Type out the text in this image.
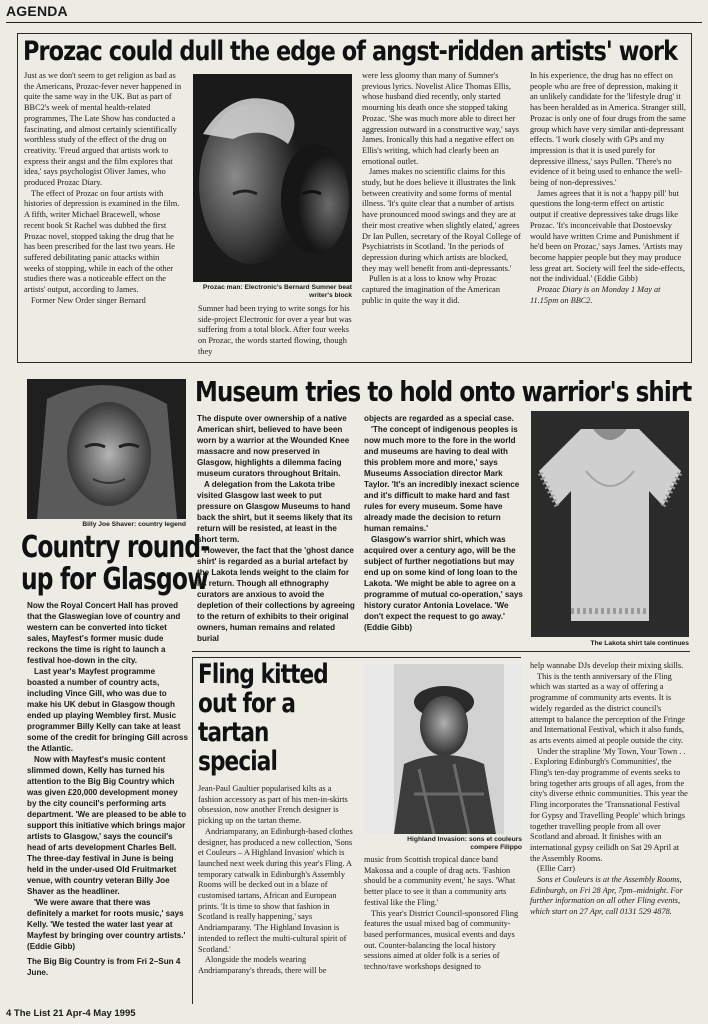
AGENDA
Prozac could dull the edge of angst-ridden artists' work

Just as we don't seem to get religion as bad as the Americans, Prozac-fever never happened in quite the same way in the UK. But as part of BBC2's week of mental health-related programmes, The Late Show has conducted a fascinating, and almost certainly scientifically worthless study of the effect of the drug on creativity. 'Freud argued that artists work to express their angst and the film explores that idea,' says psychologist Oliver James, who produced Prozac Diary.

The effect of Prozac on four artists with histories of depression is examined in the film. A fifth, writer Michael Bracewell, whose recent book St Rachel was dubbed the first Prozac novel, stopped taking the drug that he has been prescribed for the last two years. He suffered debilitating panic attacks within weeks of stopping, while in each of the other studies there was a noticeable effect on the artists' output, according to James.

Former New Order singer Bernard

Prozac man: Electronic's Bernard Sumner beat writer's block

Sumner had been trying to write songs for his side-project Electronic for over a year but was suffering from a total block. After four weeks on Prozac, the words started flowing, though they

were less gloomy than many of Sumner's previous lyrics. Novelist Alice Thomas Ellis, whose husband died recently, only started mourning his death once she stopped taking Prozac. 'She was much more able to direct her aggression outward in a constructive way,' says James. Ironically this had a negative effect on Ellis's writing, which had clearly been an emotional outlet.

James makes no scientific claims for this study, but he does believe it illustrates the link between creativity and some forms of mental illness. 'It's quite clear that a number of artists have pronounced mood swings and they are at their most creative when slightly elated,' agrees Dr Ian Pullen, secretary of the Royal College of Psychiatrists in Scotland. 'In the periods of depression during which artists are blocked, they may well benefit from anti-depressants.'

Pullen is at a loss to know why Prozac captured the imagination of the American public in quite the way it did.

In his experience, the drug has no effect on people who are free of depression, making it an unlikely candidate for the 'lifestyle drug' it has been heralded as in America. Stranger still, Prozac is only one of four drugs from the same group which have very similar anti-depressant effects. 'I work closely with GPs and my impression is that it is used purely for depressive illness,' says Pullen. 'There's no evidence of it being used to enhance the well-being of non-depressives.'

James agrees that it is not a 'happy pill' but questions the long-term effect on artistic output if creative depressives take drugs like Prozac. 'It's inconceivable that Dostoevsky would have written Crime and Punishment if he'd been on Prozac,' says James. 'Artists may become happier people but they may produce less great art. Society will feel the side-effects, not the individual.' (Eddie Gibb)

Prozac Diary is on Monday 1 May at 11.15pm on BBC2.

Billy Joe Shaver: country legend
Country round-
up for Glasgow

Now the Royal Concert Hall has proved that the Glaswegian love of country and western can be converted into ticket sales, Mayfest's former music dude reckons the time is right to launch a festival hoe-down in the city.

Last year's Mayfest programme boasted a number of country acts, including Vince Gill, who was due to make his UK debut in Glasgow though ended up playing Wembley first. Music programmer Billy Kelly can take at least some of the credit for bringing Gill across the Atlantic.

Now with Mayfest's music content slimmed down, Kelly has turned his attention to the Big Big Country which was given £20,000 development money by the city council's performing arts department. 'We are pleased to be able to support this initiative which brings major artists to Glasgow,' says the council's head of arts development Charles Bell. The three-day festival in June is being held in the under-used Old Fruitmarket venue, with country veteran Billy Joe Shaver as the headliner.

'We were aware that there was definitely a market for roots music,' says Kelly. 'We tested the water last year at Mayfest by bringing over country artists.'

(Eddie Gibb)

The Big Big Country is from Fri 2–Sun 4 June.

Museum tries to hold onto warrior's shirt

The dispute over ownership of a native American shirt, believed to have been worn by a warrior at the Wounded Knee massacre and now preserved in Glasgow, highlights a dilemma facing museum curators throughout Britain.

A delegation from the Lakota tribe visited Glasgow last week to put pressure on Glasgow Museums to hand back the shirt, but it seems likely that its return will be resisted, at least in the short term.

However, the fact that the 'ghost dance shirt' is regarded as a burial artefact by the Lakota lends weight to the claim for its return. Though all ethnography curators are anxious to avoid the depletion of their collections by agreeing to the return of exhibits to their original owners, human remains and related burial

objects are regarded as a special case.

'The concept of indigenous peoples is now much more to the fore in the world and museums are having to deal with this problem more and more,' says Museums Association director Mark Taylor. 'It's an incredibly inexact science and it's difficult to make hard and fast rules for every museum. Some have already made the decision to return human remains.'

Glasgow's warrior shirt, which was acquired over a century ago, will be the subject of further negotiations but may end up on some kind of long loan to the Lakota. 'We might be able to agree on a programme of mutual co-operation,' says history curator Antonia Lovelace. 'We don't expect the request to go away.' (Eddie Gibb)

The Lakota shirt tale continues
Fling kitted
out for a
tartan
special

Jean-Paul Gaultier popularised kilts as a fashion accessory as part of his men-in-skirts obsession, now another French designer is picking up on the tartan theme.

Andriamparany, an Edinburgh-based clothes designer, has produced a new collection, 'Sons et Couleurs – A Highland Invasion' which is launched next week during this year's Fling. A temporary catwalk in Edinburgh's Assembly Rooms will be decked out in a blaze of customised tartans, African and European prints. 'It is time to show that fashion in Scotland is really happening,' says Andriamparany. 'The Highland Invasion is intended to reflect the multi-cultural spirit of Scotland.'

Alongside the models wearing Andriamparany's threads, there will be

Highland Invasion: sons et couleurs
compere Filippo

music from Scottish tropical dance band Makossa and a couple of drag acts. 'Fashion should be a community event,' he says. 'What better place to see it than a community arts festival like the Fling.'

This year's District Council-sponsored Fling features the usual mixed bag of community-based performances, musical events and days out. Counter-balancing the local history sessions aimed at older folk is a series of techno/rave workshops designed to

help wannabe DJs develop their mixing skills.

This is the tenth anniversary of the Fling which was started as a way of offering a programme of community arts events. It is widely regarded as the district council's attempt to balance the perception of the Fringe and International Festival, which it also funds, as arts events aimed at people outside the city.

Under the strapline 'My Town, Your Town . . . Exploring Edinburgh's Communities', the Fling's ten-day programme of events seeks to bring together arts groups of all ages, from the city's diverse ethnic communities. This year the Fling incorporates the 'Transnational Festival for Gypsy and Travelling People' which brings together travelling people from all over Scotland and abroad. It finishes with an international gypsy ceilidh on Sat 29 April at the Assembly Rooms.

(Ellie Carr)

Sons et Couleurs is at the Assembly Rooms, Edinburgh, on Fri 28 Apr, 7pm–midnight. For further information on all other Fling events, which start on 27 Apr, call 0131 529 4878.

4 The List 21 Apr-4 May 1995
